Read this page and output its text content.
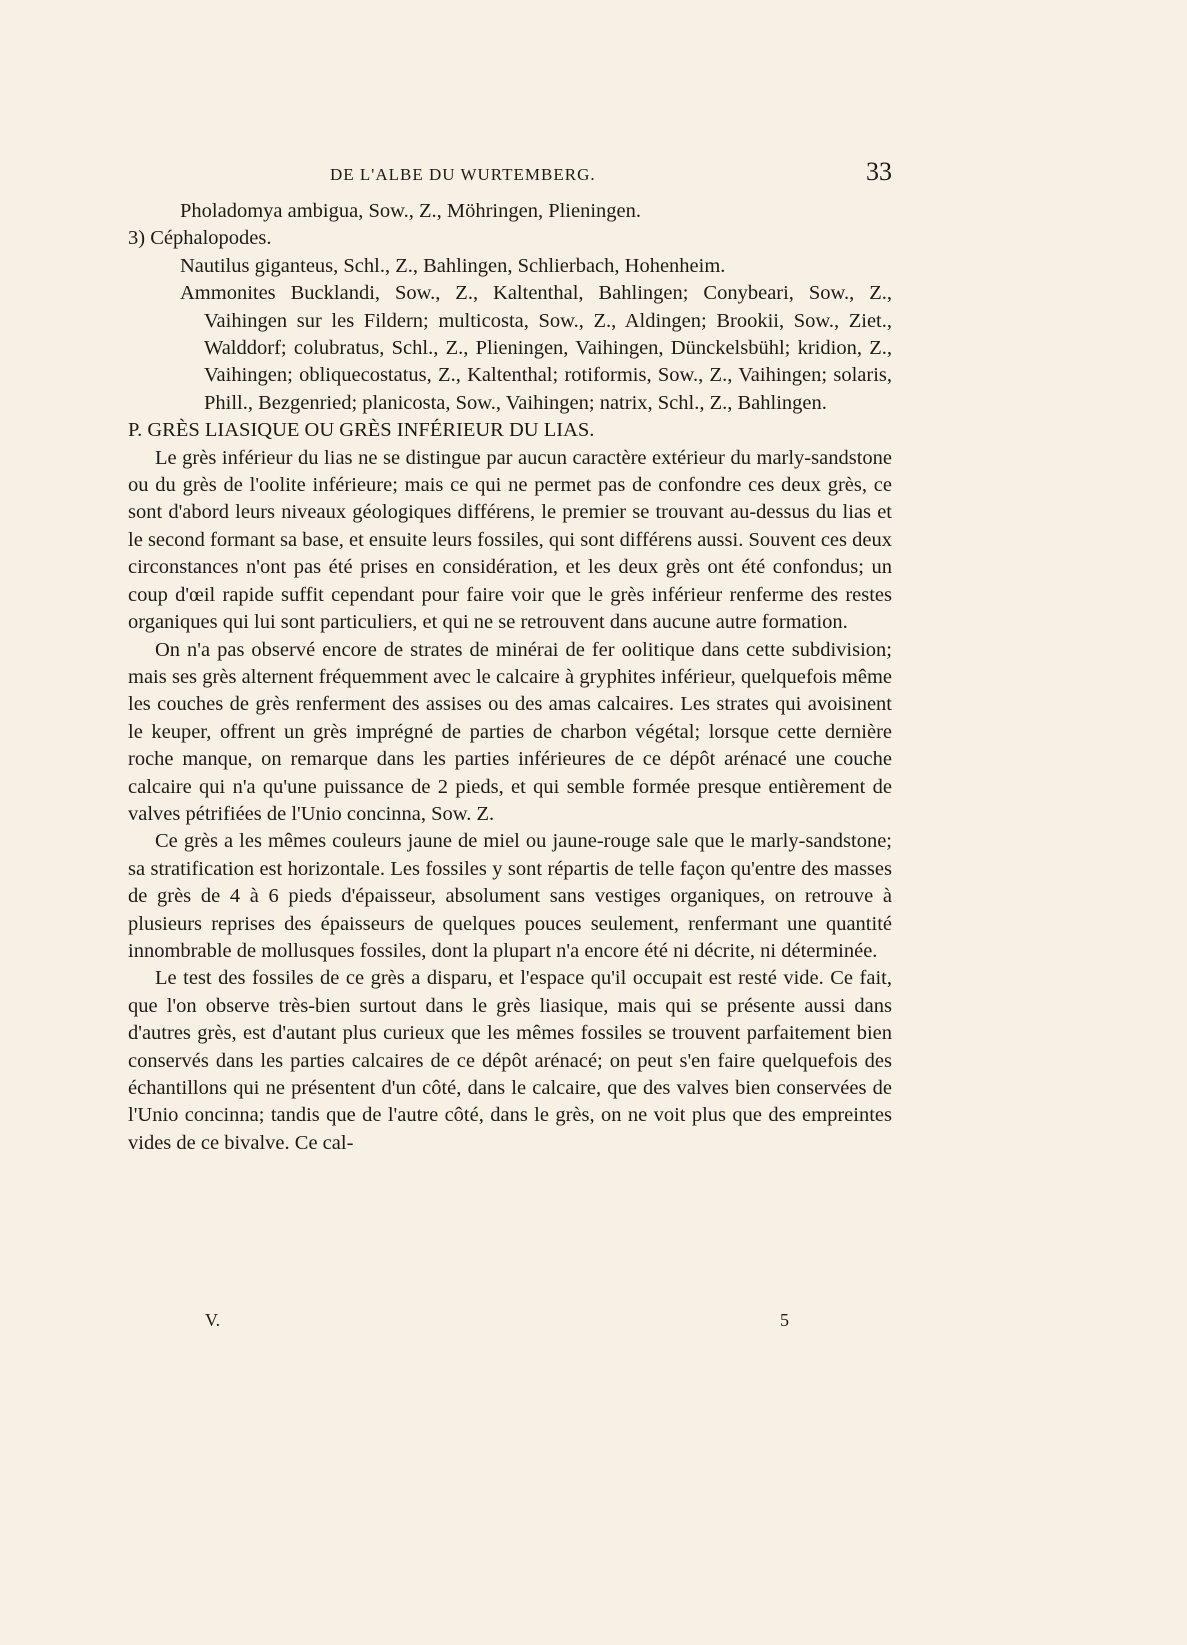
DE L'ALBE DU WURTEMBERG.	33

Pholadomya ambigua, Sow., Z., Möhringen, Plieningen.

3) Céphalopodes.

Nautilus giganteus, Schl., Z., Bahlingen, Schlierbach, Hohenheim.

Ammonites Bucklandi, Sow., Z., Kaltenthal, Bahlingen; Conybeari, Sow., Z., Vaihingen sur les Fildern; multicosta, Sow., Z., Aldingen; Brookii, Sow., Ziet., Walddorf; colubratus, Schl., Z., Plieningen, Vaihingen, Dünckelsbühl; kridion, Z., Vaihingen; obliquecostatus, Z., Kaltenthal; rotiformis, Sow., Z., Vaihingen; solaris, Phill., Bezgenried; planicosta, Sow., Vaihingen; natrix, Schl., Z., Bahlingen.

P. GRÈS LIASIQUE OU GRÈS INFÉRIEUR DU LIAS.

Le grès inférieur du lias ne se distingue par aucun caractère extérieur du marly-sandstone ou du grès de l'oolite inférieure; mais ce qui ne permet pas de confondre ces deux grès, ce sont d'abord leurs niveaux géologiques différens, le premier se trouvant au-dessus du lias et le second formant sa base, et ensuite leurs fossiles, qui sont différens aussi. Souvent ces deux circonstances n'ont pas été prises en considération, et les deux grès ont été confondus; un coup d'œil rapide suffit cependant pour faire voir que le grès inférieur renferme des restes organiques qui lui sont particuliers, et qui ne se retrouvent dans aucune autre formation.

On n'a pas observé encore de strates de minérai de fer oolitique dans cette subdivision; mais ses grès alternent fréquemment avec le calcaire à gryphites inférieur, quelquefois même les couches de grès renferment des assises ou des amas calcaires. Les strates qui avoisinent le keuper, offrent un grès imprégné de parties de charbon végétal; lorsque cette dernière roche manque, on remarque dans les parties inférieures de ce dépôt arénacé une couche calcaire qui n'a qu'une puissance de 2 pieds, et qui semble formée presque entièrement de valves pétrifiées de l'Unio concinna, Sow. Z.

Ce grès a les mêmes couleurs jaune de miel ou jaune-rouge sale que le marly-sandstone; sa stratification est horizontale. Les fossiles y sont répartis de telle façon qu'entre des masses de grès de 4 à 6 pieds d'épaisseur, absolument sans vestiges organiques, on retrouve à plusieurs reprises des épaisseurs de quelques pouces seulement, renfermant une quantité innombrable de mollusques fossiles, dont la plupart n'a encore été ni décrite, ni déterminée.

Le test des fossiles de ce grès a disparu, et l'espace qu'il occupait est resté vide. Ce fait, que l'on observe très-bien surtout dans le grès liasique, mais qui se présente aussi dans d'autres grès, est d'autant plus curieux que les mêmes fossiles se trouvent parfaitement bien conservés dans les parties calcaires de ce dépôt arénacé; on peut s'en faire quelquefois des échantillons qui ne présentent d'un côté, dans le calcaire, que des valves bien conservées de l'Unio concinna; tandis que de l'autre côté, dans le grès, on ne voit plus que des empreintes vides de ce bivalve. Ce cal-

V.	5
